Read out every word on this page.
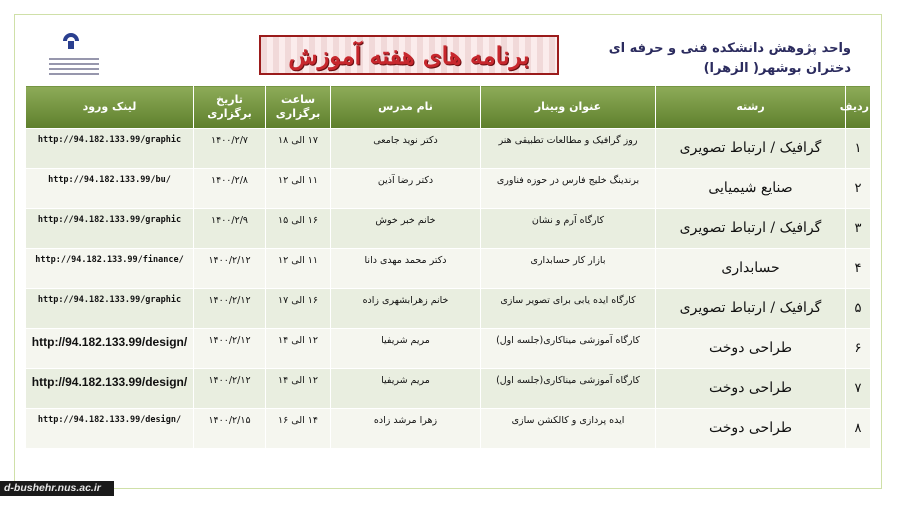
برنامه های هفته آموزش	واحد پژوهش دانشکده فنی و حرفه ای
دختران بوشهر( الزهرا)
ردیف	رشته	عنوان وبینار	نام مدرس	ساعت برگزاری	تاریخ برگزاری	لینک ورود
۱	گرافیک / ارتباط تصویری	روز گرافیک و مطالعات تطبیقی هنر	دکتر نوید جامعی	۱۷ الی ۱۸	۱۴۰۰/۲/۷	http://94.182.133.99/graphic
۲	صنایع شیمیایی	برندینگ خلیج فارس در حوزه فناوری	دکتر رضا آذین	۱۱ الی ۱۲	۱۴۰۰/۲/۸	http://94.182.133.99/bu/
۳	گرافیک / ارتباط تصویری	کارگاه آرم و نشان	خانم خبر خوش	۱۶ الی ۱۵	۱۴۰۰/۲/۹	http://94.182.133.99/graphic
۴	حسابداری	بازار کار حسابداری	دکتر محمد مهدی دانا	۱۱ الی ۱۲	۱۴۰۰/۲/۱۲	http://94.182.133.99/finance/
۵	گرافیک / ارتباط تصویری	کارگاه ایده یابی برای تصویر سازی	خانم زهرابشهری زاده	۱۶ الی ۱۷	۱۴۰۰/۲/۱۲	http://94.182.133.99/graphic
۶	طراحی دوخت	کارگاه آموزشی میناکاری(جلسه اول)	مریم شریفیا	۱۲ الی ۱۴	۱۴۰۰/۲/۱۲	http://94.182.133.99/design/
۷	طراحی دوخت	کارگاه آموزشی میناکاری(جلسه اول)	مریم شریفیا	۱۲ الی ۱۴	۱۴۰۰/۲/۱۲	http://94.182.133.99/design/
۸	طراحی دوخت	ایده پردازی و کالکشن سازی	زهرا مرشد زاده	۱۴ الی ۱۶	۱۴۰۰/۲/۱۵	http://94.182.133.99/design/
d-bushehr.nus.ac.ir
